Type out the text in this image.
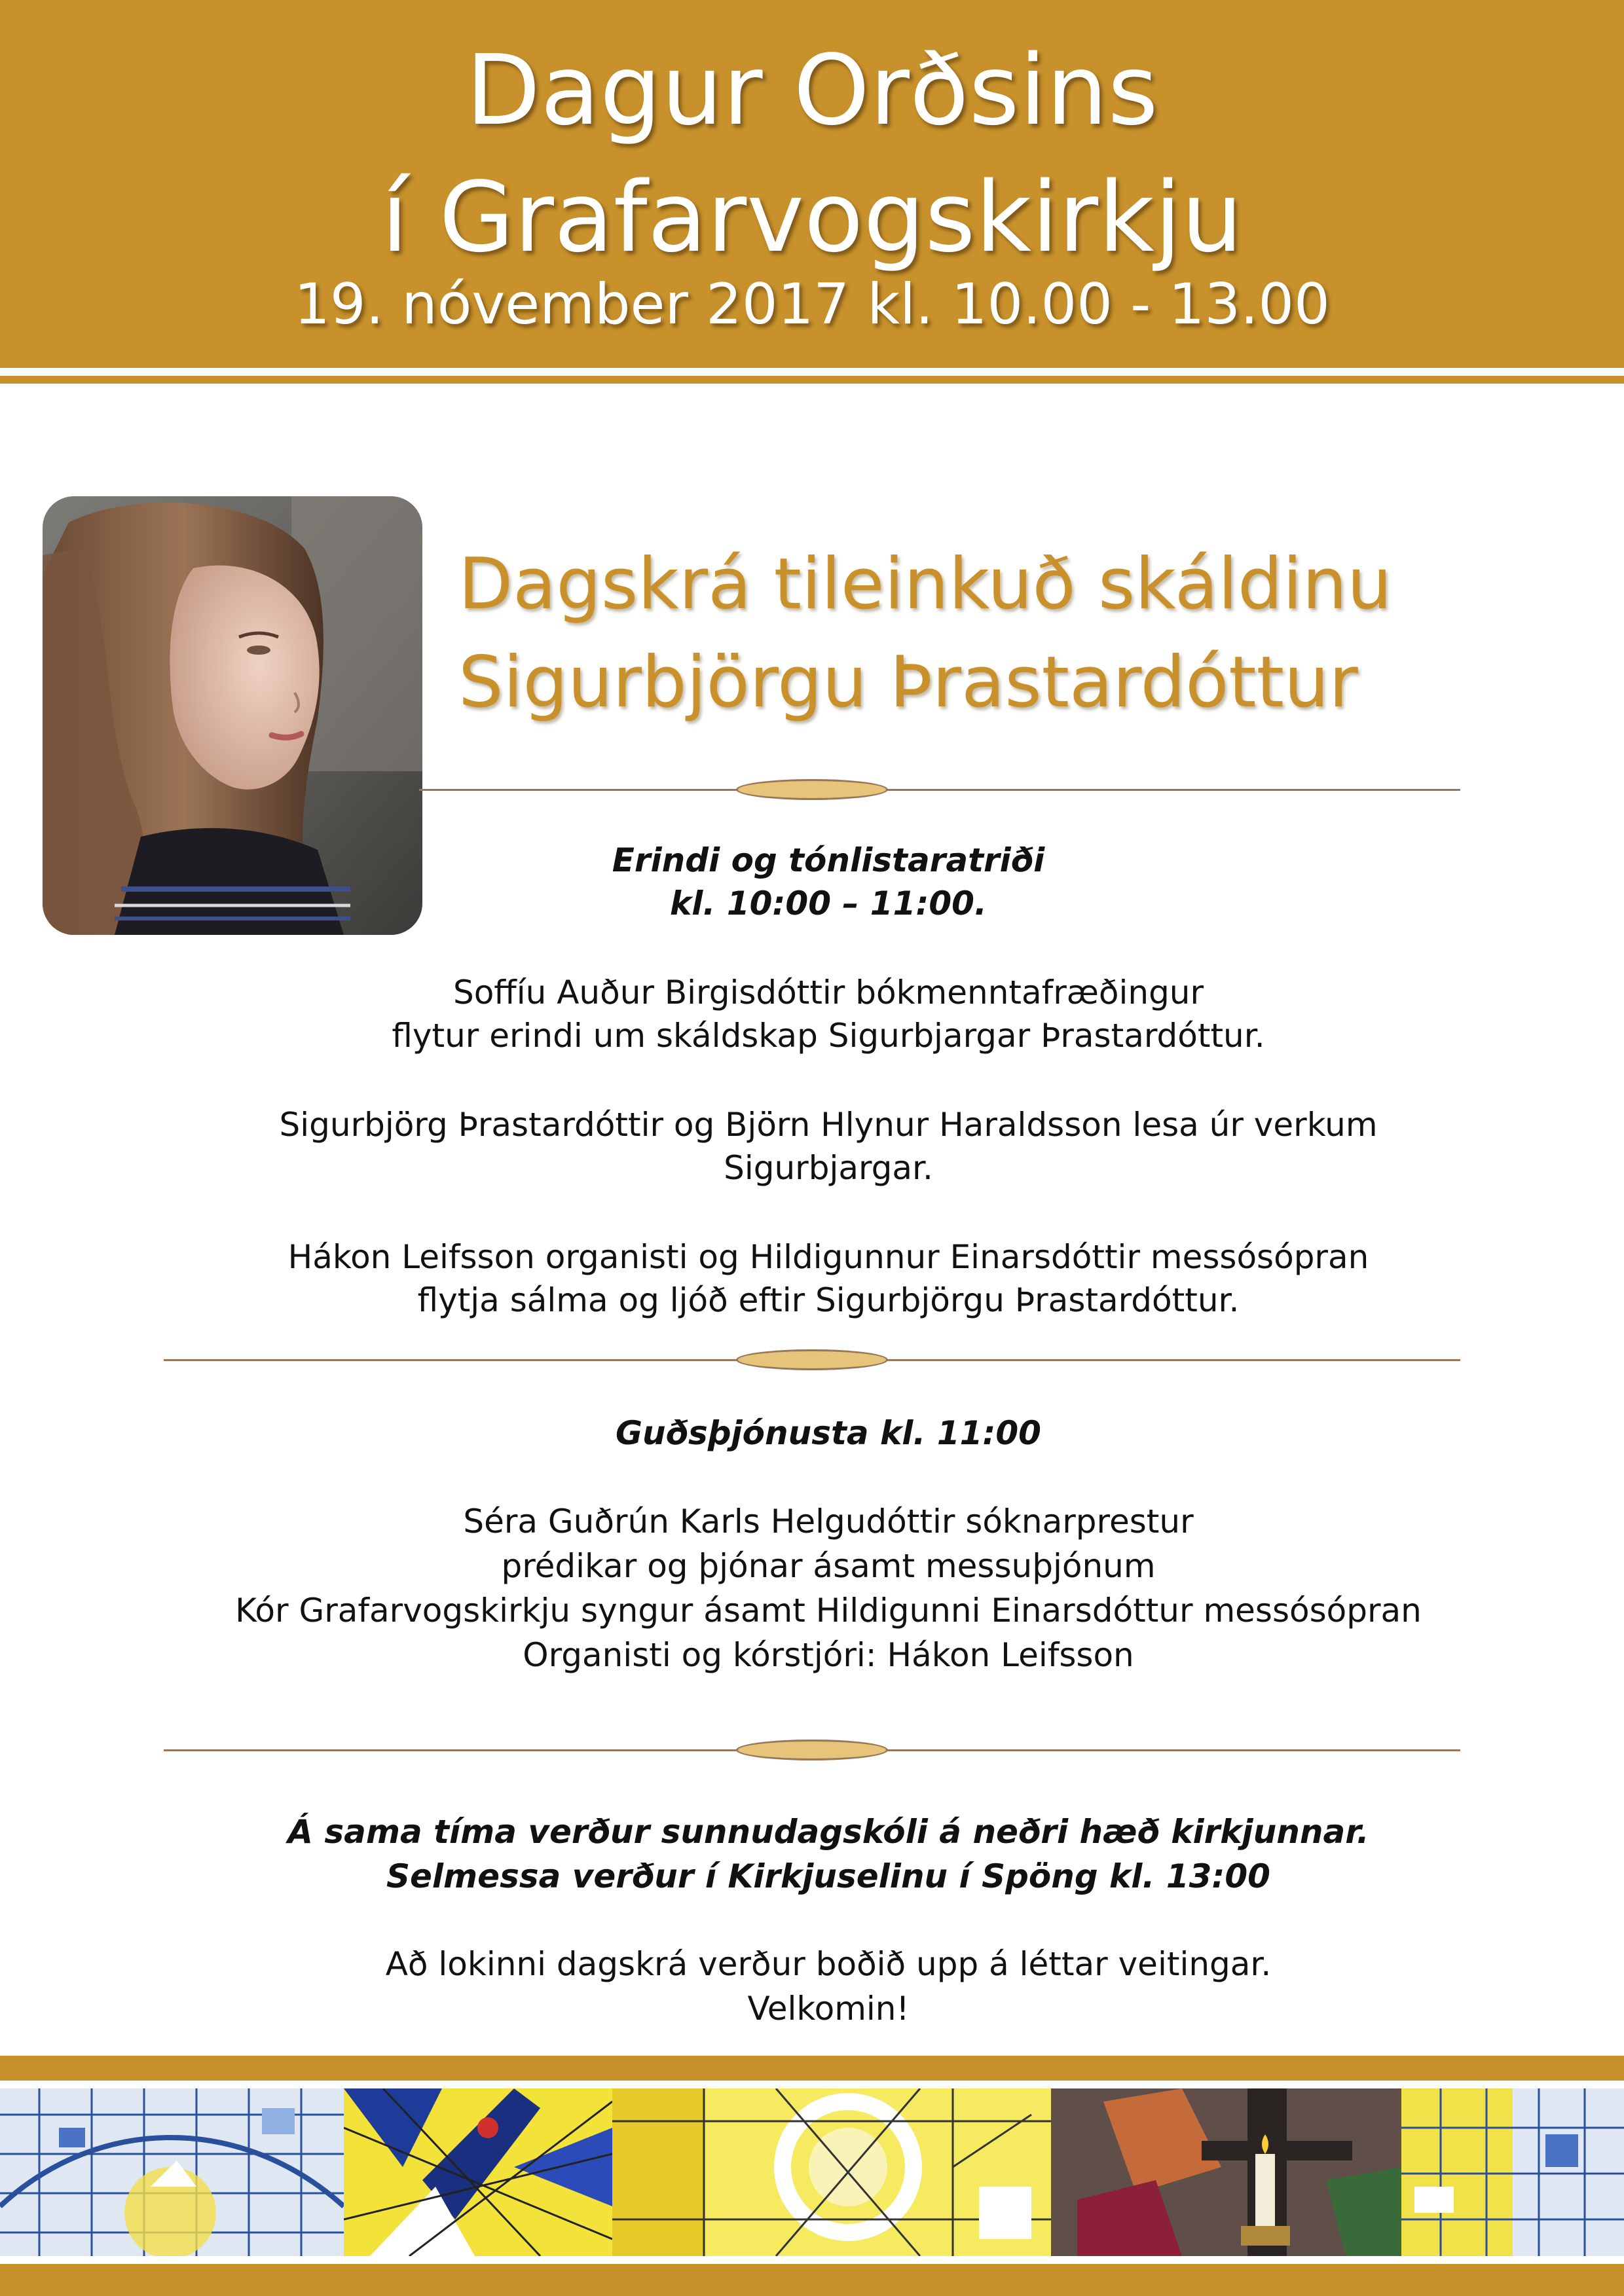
Dagur Orðsins
í Grafarvogskirkju
19. nóvember 2017 kl. 10.00 - 13.00
Dagskrá tileinkuð skáldinu
Sigurbjörgu Þrastardóttur
Erindi og tónlistaratriði
kl. 10:00 – 11:00.
Soffíu Auður Birgisdóttir bókmenntafræðingur
flytur erindi um skáldskap Sigurbjargar Þrastardóttur.
Sigurbjörg Þrastardóttir og Björn Hlynur Haraldsson lesa úr verkum
Sigurbjargar.
Hákon Leifsson organisti og Hildigunnur Einarsdóttir messósópran
flytja sálma og ljóð eftir Sigurbjörgu Þrastardóttur.
Guðsþjónusta kl. 11:00
Séra Guðrún Karls Helgudóttir sóknarprestur
prédikar og þjónar ásamt messuþjónum
Kór Grafarvogskirkju syngur ásamt Hildigunni Einarsdóttur messósópran
Organisti og kórstjóri: Hákon Leifsson
Á sama tíma verður sunnudagskóli á neðri hæð kirkjunnar.
Selmessa verður í Kirkjuselinu í Spöng kl. 13:00
Að lokinni dagskrá verður boðið upp á léttar veitingar.
Velkomin!
